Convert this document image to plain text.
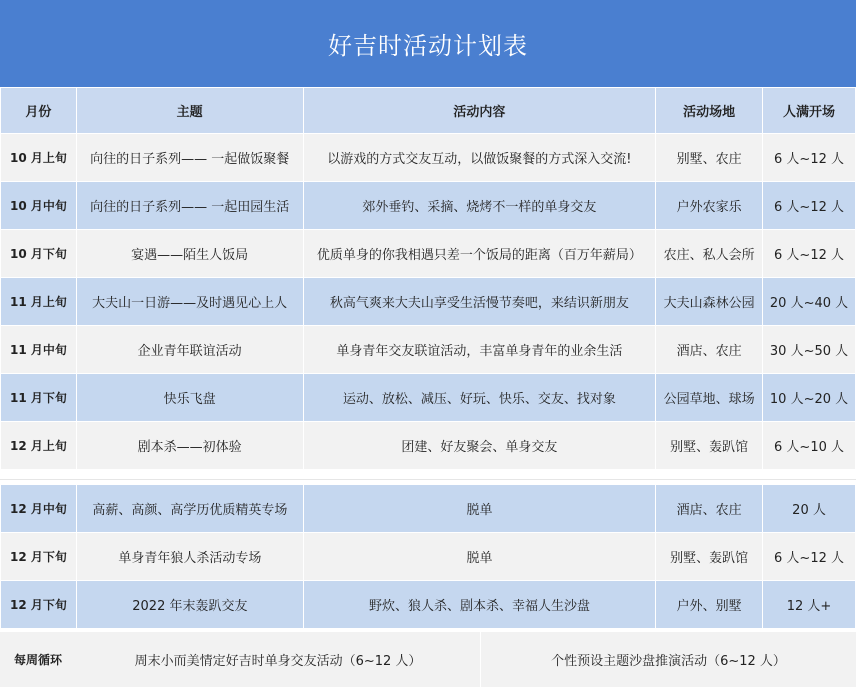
好吉时活动计划表
月份	主题	活动内容	活动场地	人满开场
10 月上旬	向往的日子系列—— 一起做饭聚餐	以游戏的方式交友互动，以做饭聚餐的方式深入交流!	别墅、农庄	6 人~12 人
10 月中旬	向往的日子系列—— 一起田园生活	郊外垂钓、采摘、烧烤不一样的单身交友	户外农家乐	6 人~12 人
10 月下旬	宴遇——陌生人饭局	优质单身的你我相遇只差一个饭局的距离（百万年薪局）	农庄、私人会所	6 人~12 人
11 月上旬	大夫山一日游——及时遇见心上人	秋高气爽来大夫山享受生活慢节奏吧，来结识新朋友	大夫山森林公园	20 人~40 人
11 月中旬	企业青年联谊活动	单身青年交友联谊活动，丰富单身青年的业余生活	酒店、农庄	30 人~50 人
11 月下旬	快乐飞盘	运动、放松、减压、好玩、快乐、交友、找对象	公园草地、球场	10 人~20 人
12 月上旬	剧本杀——初体验	团建、好友聚会、单身交友	别墅、轰趴馆	6 人~10 人
12 月中旬	高薪、高颜、高学历优质精英专场	脱单	酒店、农庄	20 人
12 月下旬	单身青年狼人杀活动专场	脱单	别墅、轰趴馆	6 人~12 人
12 月下旬	2022 年末轰趴交友	野炊、狼人杀、剧本杀、幸福人生沙盘	户外、别墅	12 人+
每周循环	周末小而美情定好吉时单身交友活动（6~12 人）	个性预设主题沙盘推演活动（6~12 人）
